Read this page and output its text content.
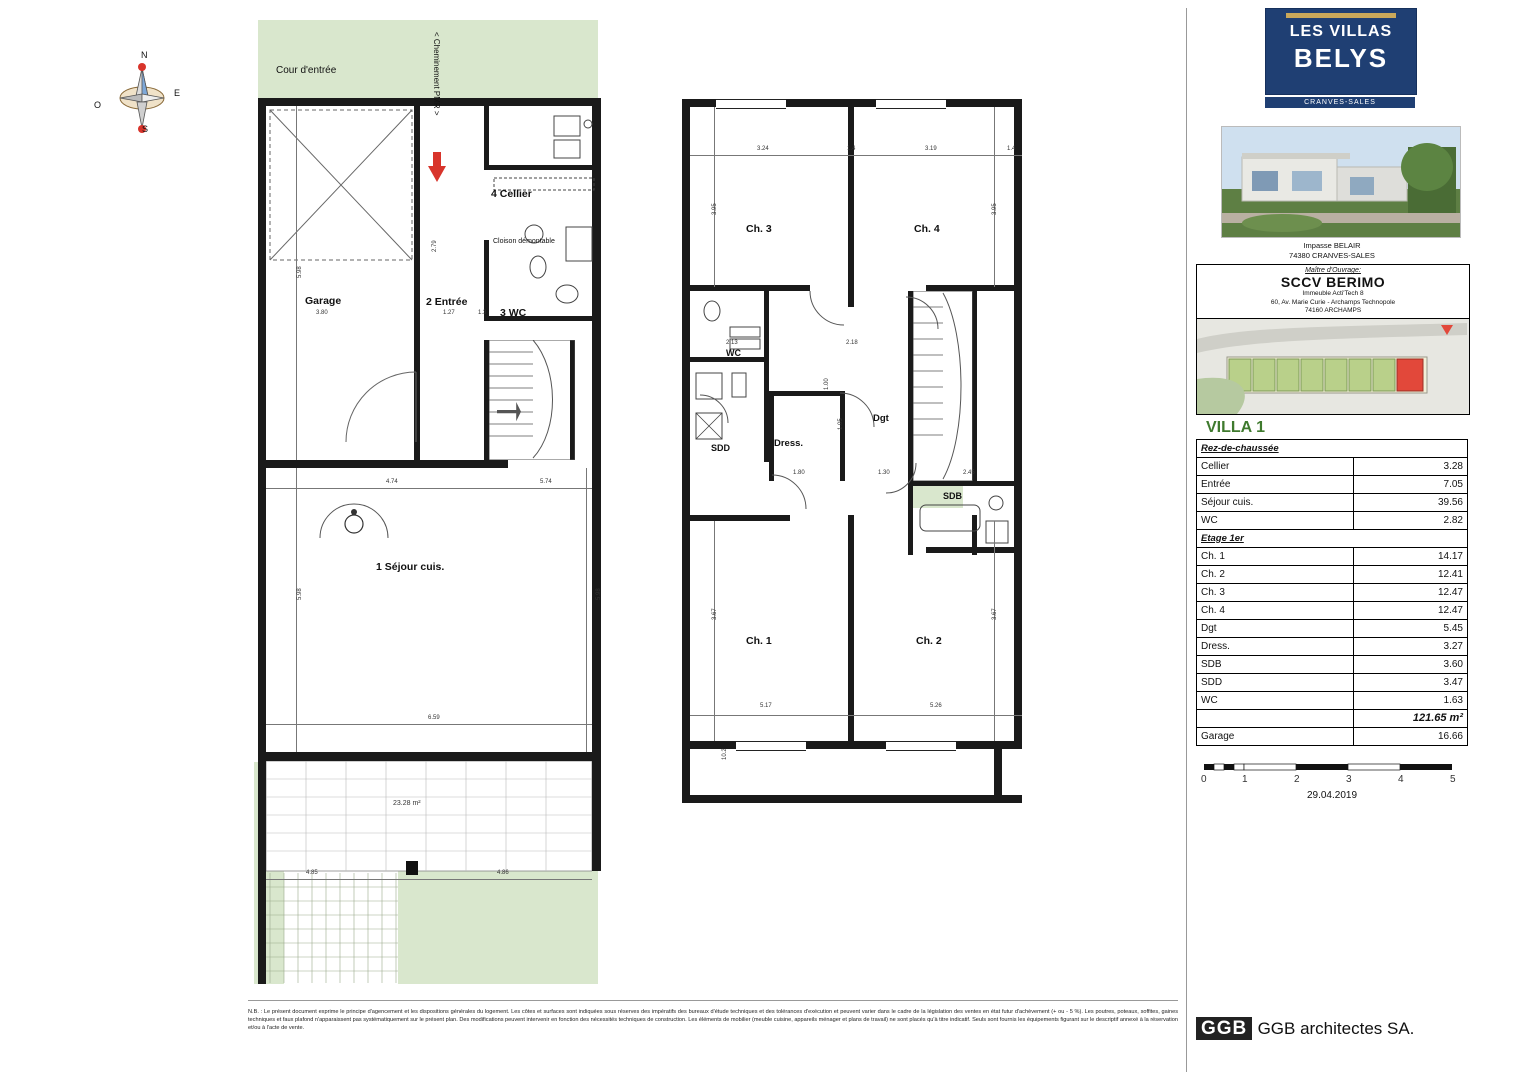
N
S
E
O
Cour d'entrée
Garage
4 Cellier
2 Entrée
3 WC
1 Séjour cuis.
Cloison démontable
23.28 m²
< Cheminement PMR >
Ch. 3	Ch. 4
Ch. 1	Ch. 2
WC
SDD
SDB
Dress.
Dgt
3.80	1.27	1.3
6.59
4.74	5.74
4.85	4.86
5.98
2.79
5.98	5.98
3.24	3.19
1.4	1.4
3.95	3.95
2.13	2.18
1.00
1.05
1.80	1.30	2.45
3.67	3.67
5.17	5.26
10.2
LES VILLAS
BELYS
CRANVES-SALES
Impasse BELAIR
74380 CRANVES-SALES
Maître d'Ouvrage:
SCCV BERIMO
Immeuble Acti'Tech 8
60, Av. Marie Curie - Archamps Technopole
74160 ARCHAMPS
VILLA 1
Rez-de-chaussée	
Cellier	3.28
Entrée	7.05
Séjour cuis.	39.56
WC	2.82
Etage 1er	
Ch. 1	14.17
Ch. 2	12.41
Ch. 3	12.47
Ch. 4	12.47
Dgt	5.45
Dress.	3.27
SDB	3.60
SDD	3.47
WC	1.63
	121.65 m²
Garage	16.66
0	1	2	3	4	5
29.04.2019
GGB GGB architectes SA.
N.B. : Le présent document exprime le principe d'agencement et les dispositions générales du logement. Les côtes et surfaces sont indiquées sous réserves des impératifs des bureaux d'étude techniques et des tolérances d'exécution et peuvent varier dans le cadre de la législation des ventes en état futur d'achèvement (+ ou - 5 %). Les poutres, poteaux, soffites, gaines techniques et faux plafond n'apparaissent pas systématiquement sur le présent plan. Des modifications peuvent intervenir en fonction des nécessités techniques de construction. Les éléments de mobilier (meuble cuisine, appareils ménager et plans de travail) ne sont placés qu'à titre indicatif. Seuls sont fournis les équipements figurant sur le descriptif annexé à la réservation et/ou à l'acte de vente.
